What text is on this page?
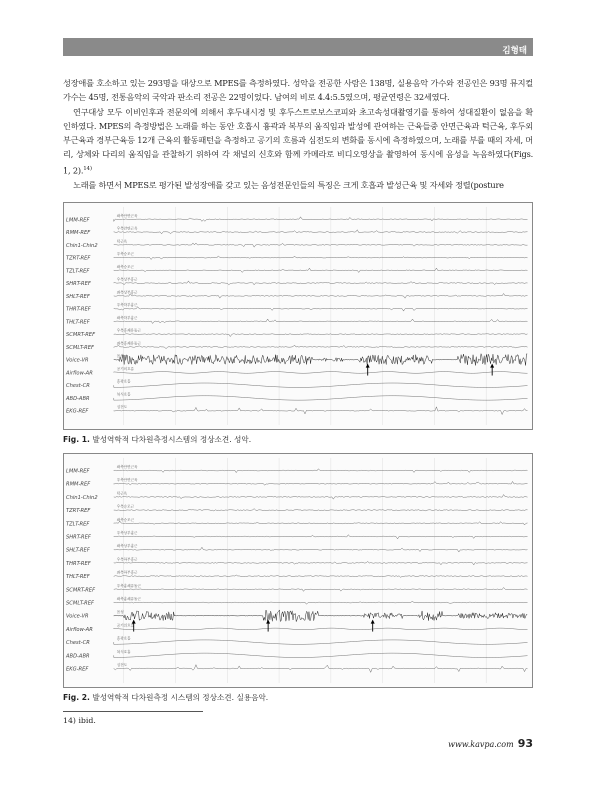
김형태

성장애를 호소하고 있는 293명을 대상으로 MPES를 측정하였다. 성악을 전공한 사람은 138명, 실용음악 가수와 전공인은 93명 뮤지컬가수는 45명, 전통음악의 국악과 판소리 전공은 22명이었다. 남여의 비로 4.4:5.5였으며, 평균연령은 32세였다.

연구대상 모두 이비인후과 전문의에 의해서 후두내시경 및 후두스트로보스코피와 초고속성대촬영기를 통하여 성대질환이 없음을 확인하였다. MPES의 측정방법은 노래를 하는 동안 호흡시 흉곽과 복부의 움직임과 발성에 관여하는 근육들중 안면근육과 턱근육, 후두외부근육과 경부근육등 12개 근육의 활동패턴을 측정하고 공기의 흐름과 심전도의 변화를 동시에 측정하였으며, 노래를 부를 때의 자세, 머리, 상체와 다리의 움직임을 관찰하기 위하여 각 채널의 신호와 함께 카메라로 비디오영상을 촬영하여 동시에 음성을 녹음하였다(Figs. 1, 2).$^{14)}$

노래를 하면서 MPES로 평가된 발성장애를 갖고 있는 음성전문인들의 특징은 크게 호흡과 발성근육 및 자세와 정렬(posture

LMM-REF
좌측안면근육
RMM-REF
우측안면근육
Chin1-Chin2
턱근육
TZRT-REF
우측승모근
TZLT-REF
좌측승모근
SHRT-REF
우측상부흉근
SHLT-REF
좌측상부흉근
THRT-REF
우측하부흉근
THLT-REF
좌측하부흉근
SCMRT-REF
우측흉쇄유돌근
SCMLT-REF
좌측흉쇄유돌근
Voice-VR
음성
Airflow-AR
공기의흐름
Chest-CR
흉곽호흡
ABD-ABR
복식호흡
EKG-REF
심전도
Fig. 1. 발성역학적 다차원측정시스템의 정상소견. 성악.
LMM-REF
좌측안면근육
RMM-REF
우측안면근육
Chin1-Chin2
턱근육
TZRT-REF
우측승모근
TZLT-REF
좌측승모근
SHRT-REF
우측상부흉근
SHLT-REF
좌측상부흉근
THRT-REF
우측하부흉근
THLT-REF
좌측하부흉근
SCMRT-REF
우측흉쇄유돌근
SCMLT-REF
좌측흉쇄유돌근
Voice-VR
음성
Airflow-AR
공기의흐름
Chest-CR
흉곽호흡
ABD-ABR
복식호흡
EKG-REF
심전도
Fig. 2. 발성역학적 다차원측정 시스템의 정상소견. 실용음악.
14) ibid.
www.kavpa.com 93
